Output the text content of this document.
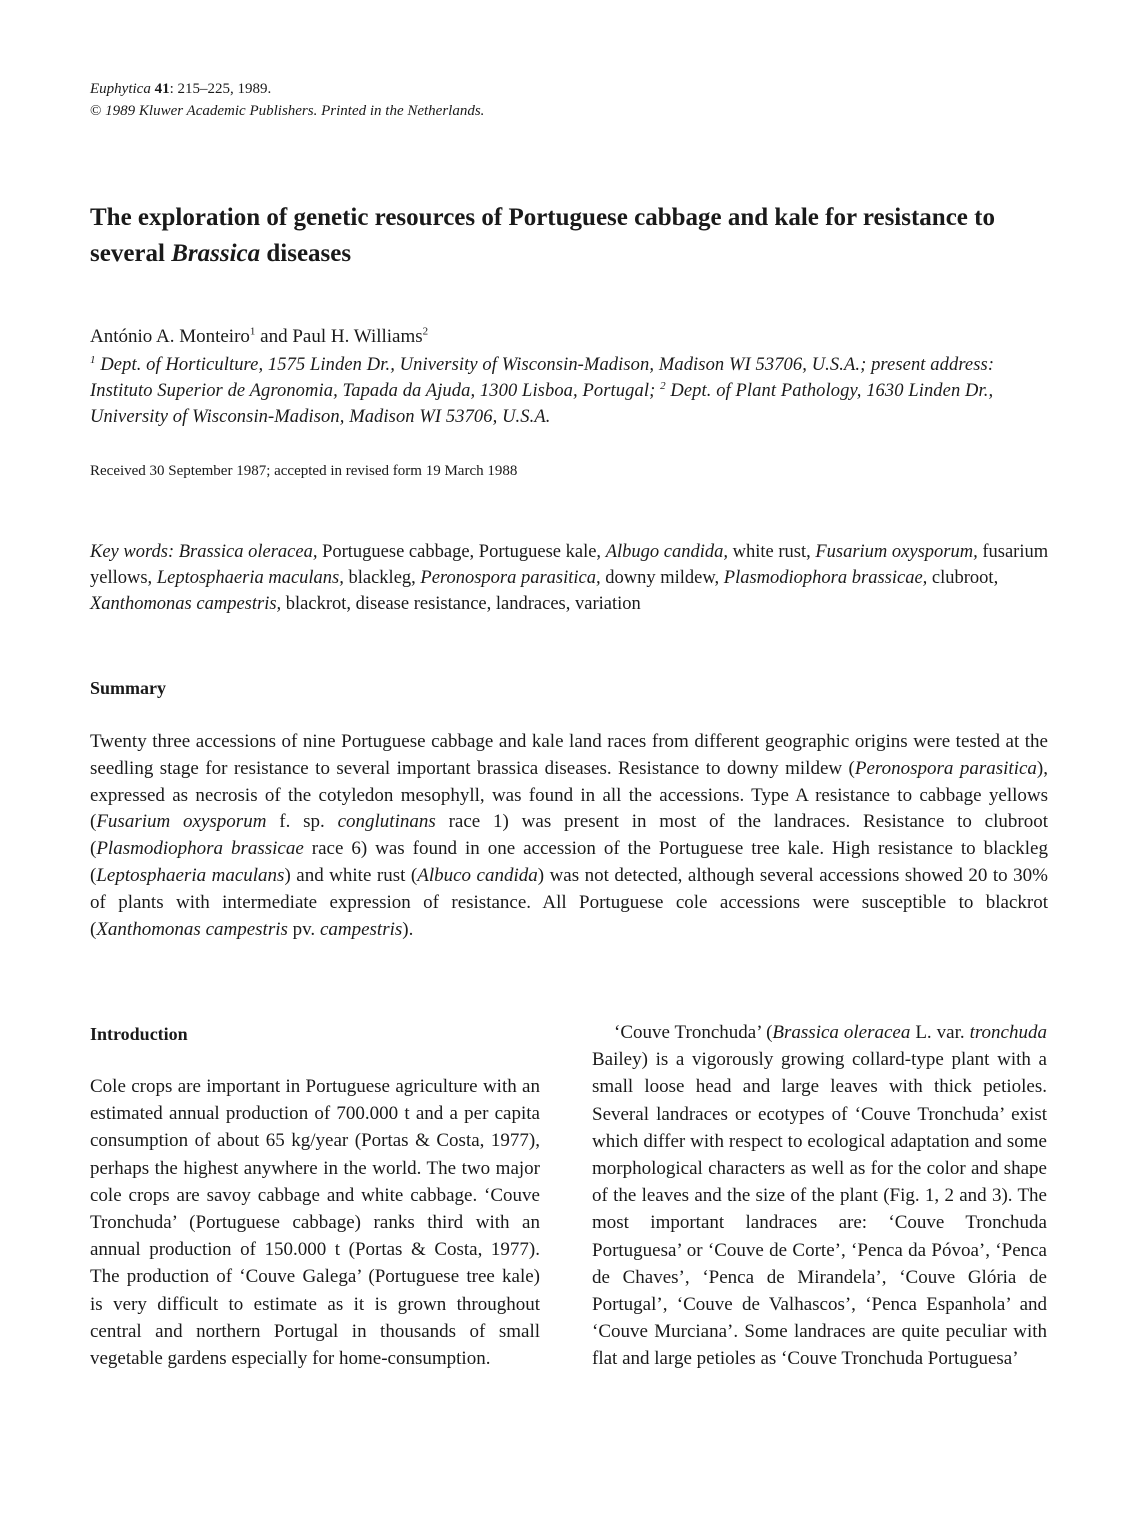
Euphytica 41: 215–225, 1989.
© 1989 Kluwer Academic Publishers. Printed in the Netherlands.
The exploration of genetic resources of Portuguese cabbage and kale for resistance to several Brassica diseases
António A. Monteiro$^1$ and Paul H. Williams$^2$
$^1$ Dept. of Horticulture, 1575 Linden Dr., University of Wisconsin-Madison, Madison WI 53706, U.S.A.; present address: Instituto Superior de Agronomia, Tapada da Ajuda, 1300 Lisboa, Portugal; $^2$ Dept. of Plant Pathology, 1630 Linden Dr., University of Wisconsin-Madison, Madison WI 53706, U.S.A.
Received 30 September 1987; accepted in revised form 19 March 1988
Key words: Brassica oleracea, Portuguese cabbage, Portuguese kale, Albugo candida, white rust, Fusarium oxysporum, fusarium yellows, Leptosphaeria maculans, blackleg, Peronospora parasitica, downy mildew, Plasmodiophora brassicae, clubroot, Xanthomonas campestris, blackrot, disease resistance, landraces, variation
Summary

Twenty three accessions of nine Portuguese cabbage and kale land races from different geographic origins were tested at the seedling stage for resistance to several important brassica diseases. Resistance to downy mildew (Peronospora parasitica), expressed as necrosis of the cotyledon mesophyll, was found in all the accessions. Type A resistance to cabbage yellows (Fusarium oxysporum f. sp. conglutinans race 1) was present in most of the landraces. Resistance to clubroot (Plasmodiophora brassicae race 6) was found in one accession of the Portuguese tree kale. High resistance to blackleg (Leptosphaeria maculans) and white rust (Albuco candida) was not detected, although several accessions showed 20 to 30% of plants with intermediate expression of resistance. All Portuguese cole accessions were susceptible to blackrot (Xanthomonas campestris pv. campestris).

Introduction

Cole crops are important in Portuguese agriculture with an estimated annual production of 700.000 t and a per capita consumption of about 65 kg/year (Portas & Costa, 1977), perhaps the highest anywhere in the world. The two major cole crops are savoy cabbage and white cabbage. ‘Couve Tronchuda’ (Portuguese cabbage) ranks third with an annual production of 150.000 t (Portas & Costa, 1977). The production of ‘Couve Galega’ (Portuguese tree kale) is very difficult to estimate as it is grown throughout central and northern Portugal in thousands of small vegetable gardens especially for home-consumption.

‘Couve Tronchuda’ (Brassica oleracea L. var. tronchuda Bailey) is a vigorously growing collard-type plant with a small loose head and large leaves with thick petioles. Several landraces or ecotypes of ‘Couve Tronchuda’ exist which differ with respect to ecological adaptation and some morphological characters as well as for the color and shape of the leaves and the size of the plant (Fig. 1, 2 and 3). The most important landraces are: ‘Couve Tronchuda Portuguesa’ or ‘Couve de Corte’, ‘Penca da Póvoa’, ‘Penca de Chaves’, ‘Penca de Mirandela’, ‘Couve Glória de Portugal’, ‘Couve de Valhascos’, ‘Penca Espanhola’ and ‘Couve Murciana’. Some landraces are quite peculiar with flat and large petioles as ‘Couve Tronchuda Portuguesa’
